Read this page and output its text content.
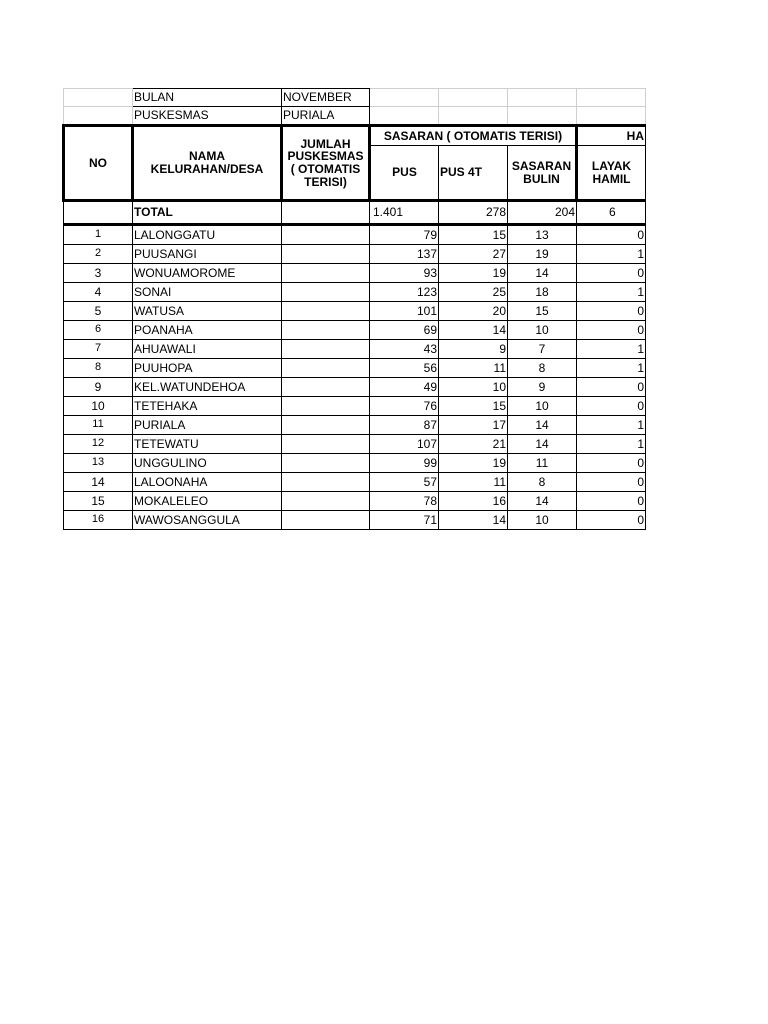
	BULAN	NOVEMBER				
	PUSKESMAS	PURIALA				
NO	NAMA KELURAHAN/DESA	JUMLAH PUSKESMAS ( OTOMATIS TERISI)	SASARAN ( OTOMATIS TERISI)			HA
			PUS	PUS 4T	SASARAN BULIN	LAYAK HAMIL
	TOTAL		1.401	278	204	6
1	LALONGGATU		79	15	13	0
2	PUUSANGI		137	27	19	1
3	WONUAMOROME		93	19	14	0
4	SONAI		123	25	18	1
5	WATUSA		101	20	15	0
6	POANAHA		69	14	10	0
7	AHUAWALI		43	9	7	1
8	PUUHOPA		56	11	8	1
9	KEL.WATUNDEHOA		49	10	9	0
10	TETEHAKA		76	15	10	0
11	PURIALA		87	17	14	1
12	TETEWATU		107	21	14	1
13	UNGGULINO		99	19	11	0
14	LALOONAHA		57	11	8	0
15	MOKALELEO		78	16	14	0
16	WAWOSANGGULA		71	14	10	0
